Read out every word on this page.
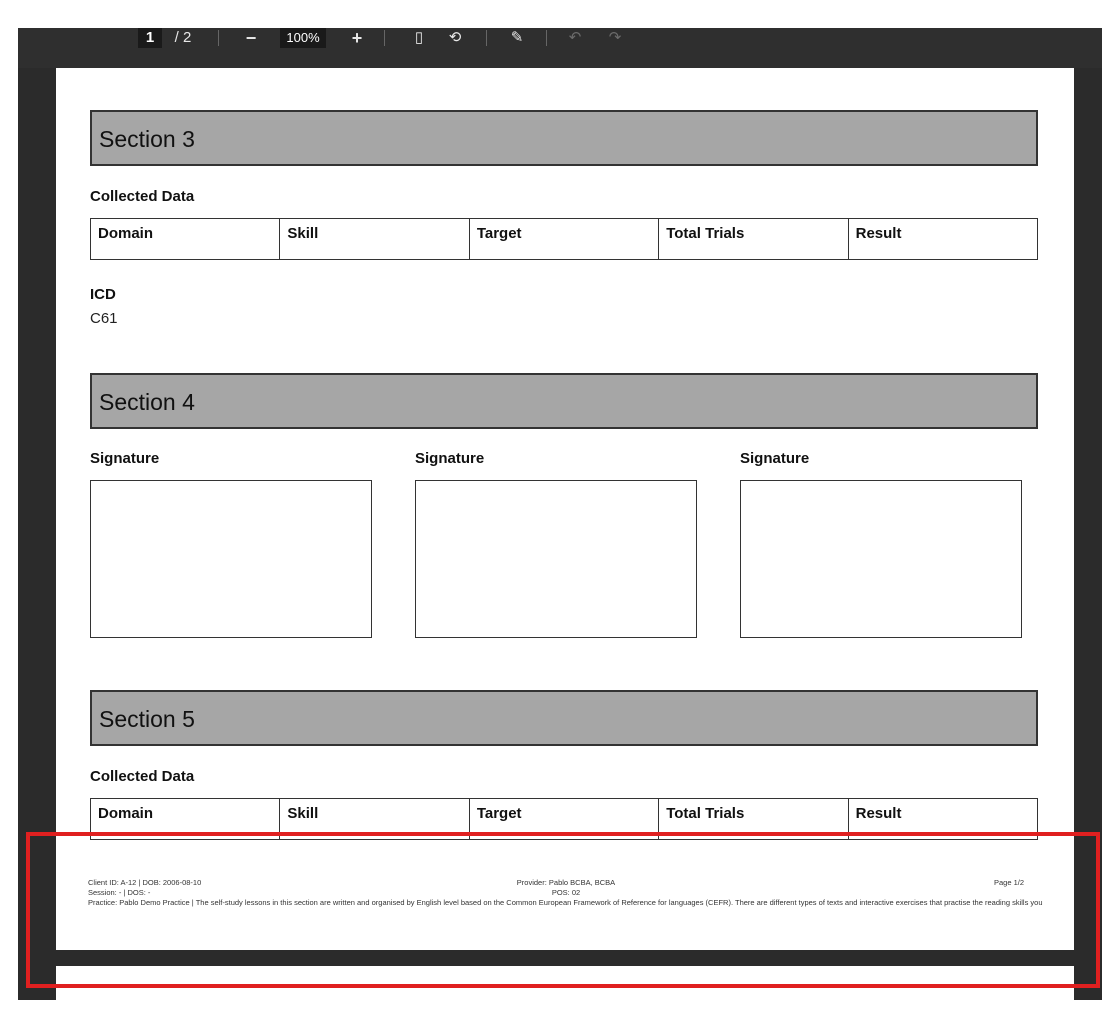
1	/ 2	−	100%	+	▯	⟲	✎	↶	↷
Section 3
Collected Data
Domain	Skill	Target	Total Trials	Result
ICD
C61
Section 4
Signature	Signature	Signature
Section 5
Collected Data
Domain	Skill	Target	Total Trials	Result
Client ID: A-12 | DOB: 2006-08-10
Session: - | DOS: -
Practice: Pablo Demo Practice | The self-study lessons in this section are written and organised by English level based on the Common European Framework of Reference for languages (CEFR). There are different types of texts and interactive exercises that practise the reading skills you
Provider: Pablo BCBA, BCBA
POS: 02
Page 1/2
